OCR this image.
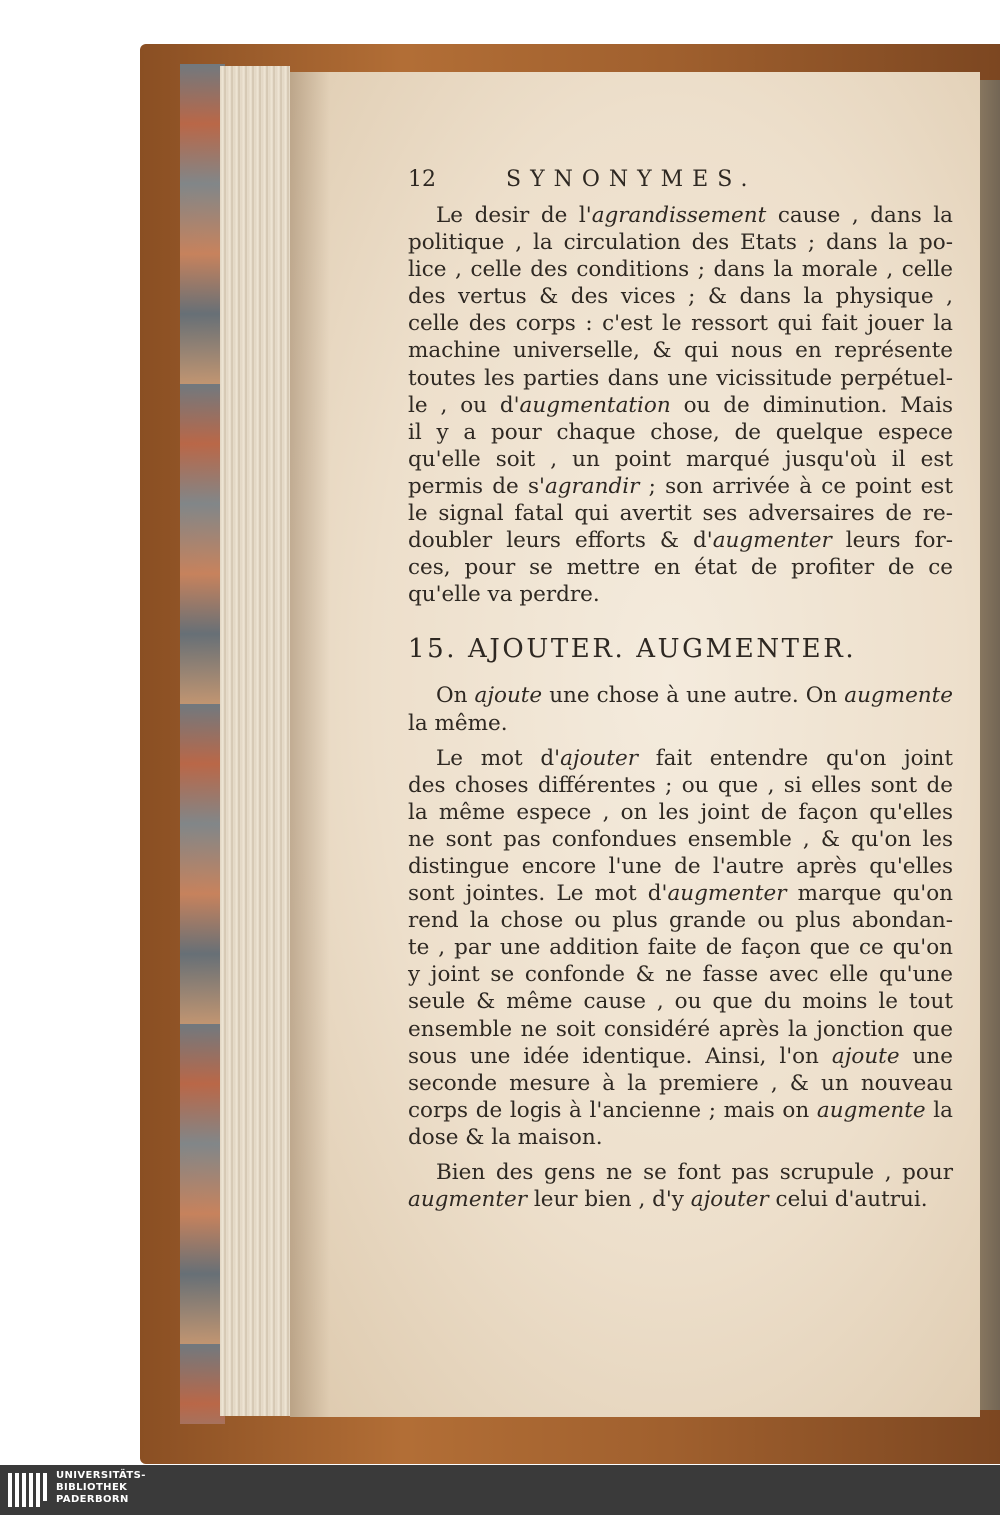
12	SYNONYMES.
Le desir de l'agrandissement cause , dans la
politique , la circulation des Etats ; dans la po-
lice , celle des conditions ; dans la morale , celle
des vertus & des vices ; & dans la physique ,
celle des corps : c'est le ressort qui fait jouer la
machine universelle, & qui nous en représente
toutes les parties dans une vicissitude perpétuel-
le , ou d'augmentation ou de diminution. Mais
il y a pour chaque chose, de quelque espece
qu'elle soit , un point marqué jusqu'où il est
permis de s'agrandir ; son arrivée à ce point est
le signal fatal qui avertit ses adversaires de re-
doubler leurs efforts & d'augmenter leurs for-
ces, pour se mettre en état de profiter de ce
qu'elle va perdre.
15. AJOUTER. AUGMENTER.
On ajoute une chose à une autre. On augmente
la même.
Le mot d'ajouter fait entendre qu'on joint
des choses différentes ; ou que , si elles sont de
la même espece , on les joint de façon qu'elles
ne sont pas confondues ensemble , & qu'on les
distingue encore l'une de l'autre après qu'elles
sont jointes. Le mot d'augmenter marque qu'on
rend la chose ou plus grande ou plus abondan-
te , par une addition faite de façon que ce qu'on
y joint se confonde & ne fasse avec elle qu'une
seule & même cause , ou que du moins le tout
ensemble ne soit considéré après la jonction que
sous une idée identique. Ainsi, l'on ajoute une
seconde mesure à la premiere , & un nouveau
corps de logis à l'ancienne ; mais on augmente la
dose & la maison.
Bien des gens ne se font pas scrupule , pour
augmenter leur bien , d'y ajouter celui d'autrui.
UNIVERSITÄTS-
BIBLIOTHEK
PADERBORN
